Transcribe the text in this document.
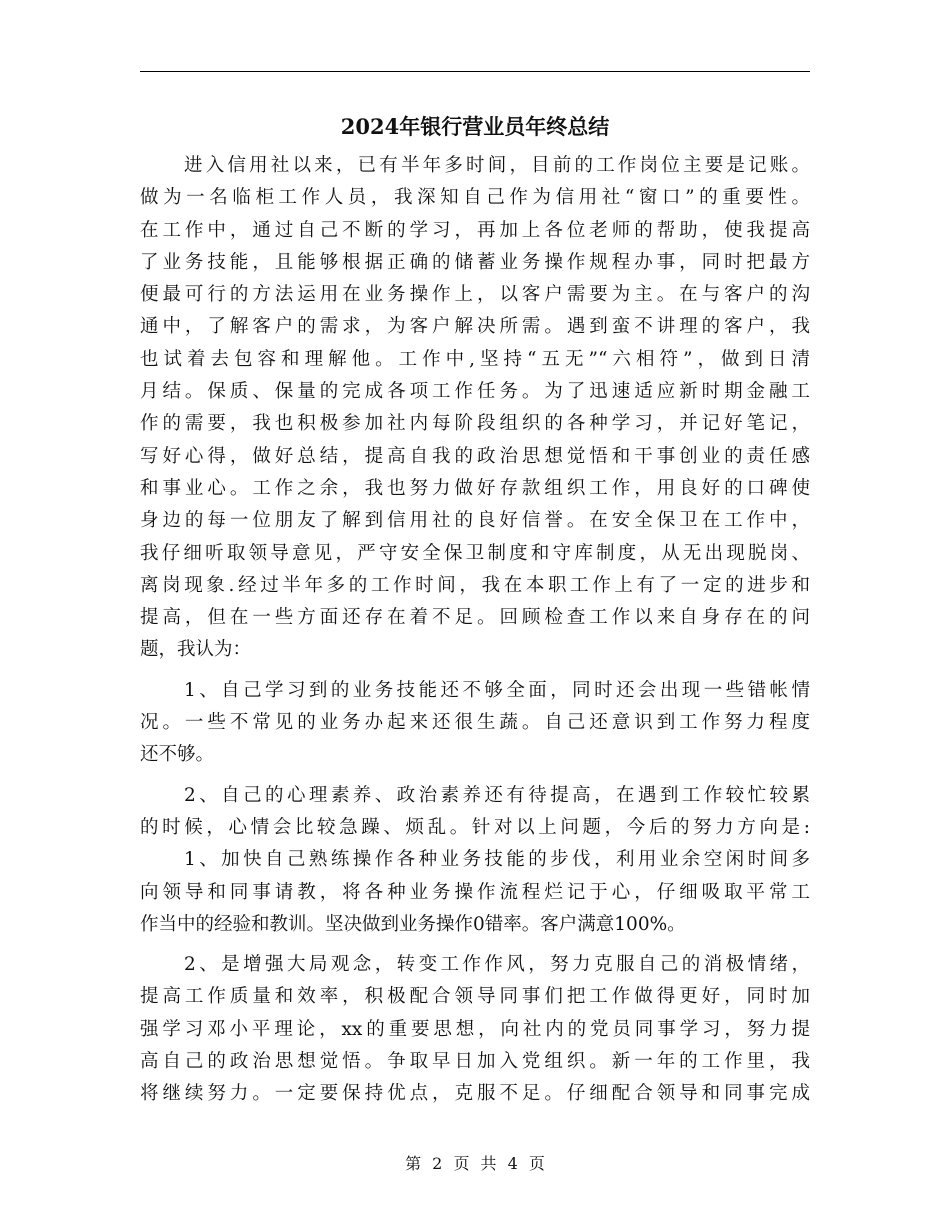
2024年银行营业员年终总结
进入信用社以来，已有半年多时间，目前的工作岗位主要是记账。
做为一名临柜工作人员，我深知自己作为信用社“窗口”的重要性。
在工作中，通过自己不断的学习，再加上各位老师的帮助，使我提高
了业务技能，且能够根据正确的储蓄业务操作规程办事，同时把最方
便最可行的方法运用在业务操作上，以客户需要为主。在与客户的沟
通中，了解客户的需求，为客户解决所需。遇到蛮不讲理的客户，我
也试着去包容和理解他。工作中,坚持“五无”“六相符”，做到日清
月结。保质、保量的完成各项工作任务。为了迅速适应新时期金融工
作的需要，我也积极参加社内每阶段组织的各种学习，并记好笔记，
写好心得，做好总结，提高自我的政治思想觉悟和干事创业的责任感
和事业心。工作之余，我也努力做好存款组织工作，用良好的口碑使
身边的每一位朋友了解到信用社的良好信誉。在安全保卫在工作中，
我仔细听取领导意见，严守安全保卫制度和守库制度，从无出现脱岗、
离岗现象.经过半年多的工作时间，我在本职工作上有了一定的进步和
提高，但在一些方面还存在着不足。回顾检查工作以来自身存在的问
题，我认为：
1、自己学习到的业务技能还不够全面，同时还会出现一些错帐情
况。一些不常见的业务办起来还很生蔬。自己还意识到工作努力程度
还不够。
2、自己的心理素养、政治素养还有待提高，在遇到工作较忙较累
的时候，心情会比较急躁、烦乱。针对以上问题，今后的努力方向是:
1、加快自己熟练操作各种业务技能的步伐，利用业余空闲时间多
向领导和同事请教，将各种业务操作流程烂记于心，仔细吸取平常工
作当中的经验和教训。坚决做到业务操作0错率。客户满意100%。
2、是增强大局观念，转变工作作风，努力克服自己的消极情绪，
提高工作质量和效率，积极配合领导同事们把工作做得更好，同时加
强学习邓小平理论，xx的重要思想，向社内的党员同事学习，努力提
高自己的政治思想觉悟。争取早日加入党组织。新一年的工作里，我
将继续努力。一定要保持优点，克服不足。仔细配合领导和同事完成
第 2 页 共 4 页
